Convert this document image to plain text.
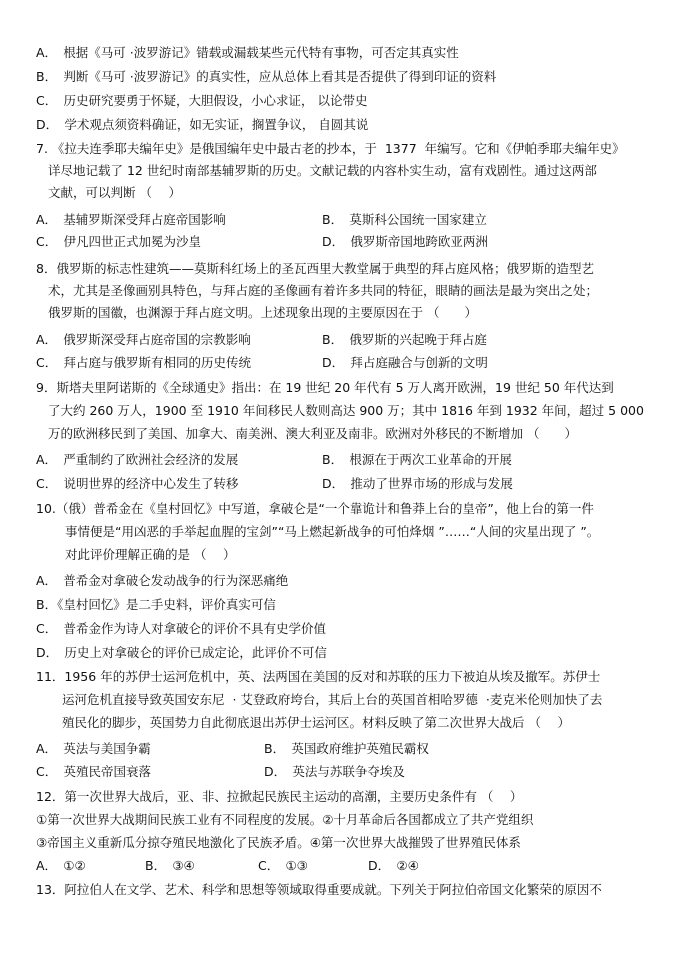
A．　根据《马可 ·波罗游记》错载或漏载某些元代特有事物，可否定其真实性
B．　判断《马可 ·波罗游记》的真实性，应从总体上看其是否提供了得到印证的资料
C．　历史研究要勇于怀疑，大胆假设，小心求证， 以论带史
D．　学术观点须资料确证，如无实证，搁置争议， 自圆其说
7. 《拉夫连季耶夫编年史》是俄国编年史中最古老的抄本，于  1377  年编写。它和《伊帕季耶夫编年史》
详尽地记载了 12 世纪时南部基辅罗斯的历史。文献记载的内容朴实生动，富有戏剧性。通过这两部
文献，可以判断 （　 ）
A．　基辅罗斯深受拜占庭帝国影响	B．　莫斯科公国统一国家建立
C．　伊凡四世正式加冕为沙皇	D．　俄罗斯帝国地跨欧亚两洲
8．俄罗斯的标志性建筑——莫斯科红场上的圣瓦西里大教堂属于典型的拜占庭风格；俄罗斯的造型艺
术，尤其是圣像画别具特色，与拜占庭的圣像画有着许多共同的特征，眼睛的画法是最为突出之处；
俄罗斯的国徽，也渊源于拜占庭文明。上述现象出现的主要原因在于 （　　）
A．　俄罗斯深受拜占庭帝国的宗教影响	B．　俄罗斯的兴起晚于拜占庭
C．　拜占庭与俄罗斯有相同的历史传统	D．　拜占庭融合与创新的文明
9．斯塔夫里阿诺斯的《全球通史》指出：在 19 世纪 20 年代有 5 万人离开欧洲，19 世纪 50 年代达到
了大约 260 万人，1900 至 1910 年间移民人数则高达 900 万；其中 1816 年到 1932 年间，超过 5 000
万的欧洲移民到了美国、加拿大、南美洲、澳大利亚及南非。欧洲对外移民的不断增加 （　　）
A．　严重制约了欧洲社会经济的发展	B．　根源在于两次工业革命的开展
C．　说明世界的经济中心发生了转移	D．　推动了世界市场的形成与发展
10.（俄）普希金在《皇村回忆》中写道，拿破仑是“一个靠诡计和鲁莽上台的皇帝”，他上台的第一件
事情便是“用凶恶的手举起血腥的宝剑”“马上燃起新战争的可怕烽烟 ”……“人间的灾星出现了 ”。
对此评价理解正确的是 （　 ）
A．　普希金对拿破仑发动战争的行为深恶痛绝
B．《皇村回忆》是二手史料，评价真实可信
C．　普希金作为诗人对拿破仑的评价不具有史学价值
D．　历史上对拿破仑的评价已成定论，此评价不可信
11．1956 年的苏伊士运河危机中，英、法两国在美国的反对和苏联的压力下被迫从埃及撤军。苏伊士
运河危机直接导致英国安东尼  · 艾登政府垮台，其后上台的英国首相哈罗德  ·麦克米伦则加快了去
殖民化的脚步，英国势力自此彻底退出苏伊士运河区。材料反映了第二次世界大战后 （　 ）
A．　英法与美国争霸	B．　英国政府维护英殖民霸权
C．　英殖民帝国衰落	D．　英法与苏联争夺埃及
12．第一次世界大战后，亚、非、拉掀起民族民主运动的高潮，主要历史条件有 （　 ）
①第一次世界大战期间民族工业有不同程度的发展。②十月革命后各国都成立了共产党组织
③帝国主义重新瓜分掠夺殖民地激化了民族矛盾。④第一次世界大战摧毁了世界殖民体系
A．　①②	B．　③④	C．　①③	D．　②④
13．阿拉伯人在文学、艺术、科学和思想等领域取得重要成就。下列关于阿拉伯帝国文化繁荣的原因不
